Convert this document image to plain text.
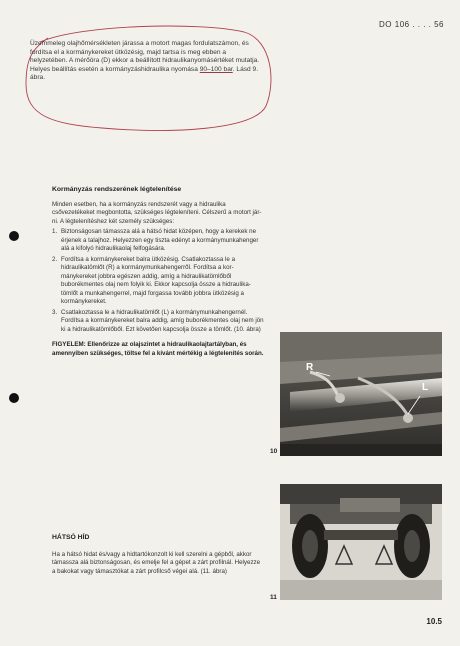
DO 106 . . . . 56
Üzemmeleg olajhőmérsékleten járassa a motort magas fordulatszámon, és fordítsa el a kormánykereket ütközésig, majd tartsa is meg ebben a helyzetében. A mérőóra (D) ekkor a beállított hidraulikanyomásértéket mutatja. Helyes beállítás esetén a kormányzáshidraulika nyomása 90–100 bar. Lásd 9. ábra.
Kormányzás rendszerének légtelenítése

Minden esetben, ha a kormányzás rendszerét vagy a hidraulika csővezetékeket megbontotta, szükséges légteleníteni. Célszerű a motort járni. A légtelenítéshez két személy szükséges:

1. Biztonságosan támassza alá a hátsó hidat középen, hogy a kerekek ne érjenek a talajhoz. Helyezzen egy tiszta edényt a kormánymunkahenger alá a kifolyó hidraulikaolaj felfogására.
2. Fordítsa a kormánykereket balra ütközésig. Csatlakoztassa le a hidraulikatömlőt (R) a kormánymunkahengerről. Fordítsa a kormánykereket jobbra egészen addig, amíg a hidraulikatömlőből buborékmentes olaj nem folyik ki. Ekkor kapcsolja össze a hidraulikatömlőt a munkahengerrel, majd forgassa tovább jobbra ütközésig a kormánykereket.
3. Csatlakoztassa le a hidraulikatömlőt (L) a kormánymunkahengernél. Fordítsa a kormánykereket balra addig, amíg buborékmentes olaj nem jön ki a hidraulikatömlőből. Ezt követően kapcsolja össze a tömlőt. (10. ábra)

FIGYELEM: Ellenőrizze az olajszintet a hidraulikaolajtartályban, és amennyiben szükséges, töltse fel a kívánt mértékig a légtelenítés során.

HÁTSÓ HÍD

Ha a hátsó hidat és/vagy a hidtartókonzolt ki kell szerelni a gépből, akkor támassza alá biztonságosan, és emelje fel a gépet a zárt profilnál. Helyezze a bakokat vagy támasztókat a zárt profilcső végei alá. (11. ábra)

R
L
10
11
10.5
